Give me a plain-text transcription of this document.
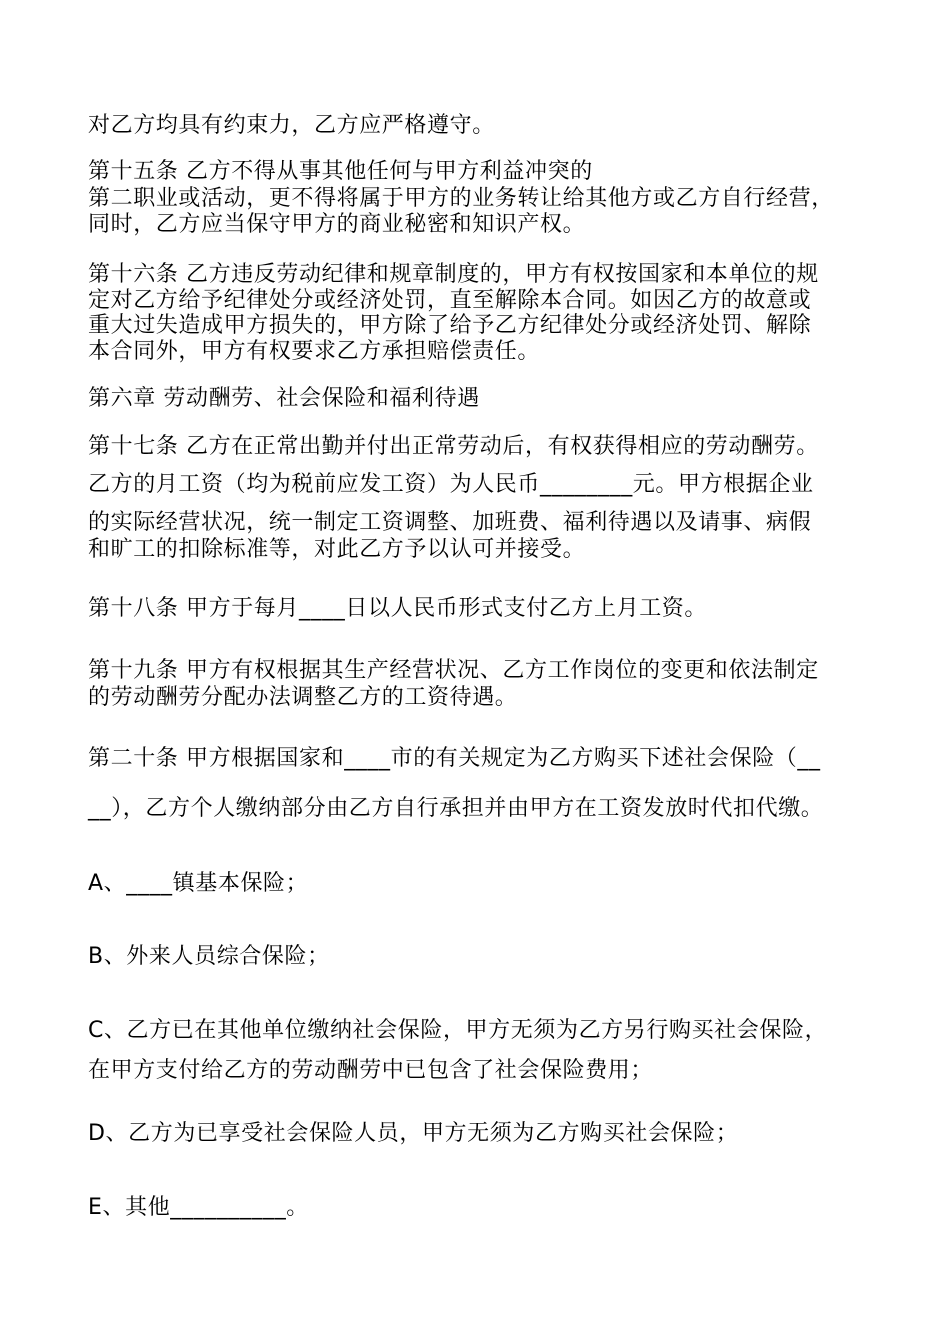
对乙方均具有约束力，乙方应严格遵守。
第十五条 乙方不得从事其他任何与甲方利益冲突的
第二职业或活动，更不得将属于甲方的业务转让给其他方或乙方自行经营，
同时，乙方应当保守甲方的商业秘密和知识产权。
第十六条 乙方违反劳动纪律和规章制度的，甲方有权按国家和本单位的规
定对乙方给予纪律处分或经济处罚，直至解除本合同。如因乙方的故意或
重大过失造成甲方损失的，甲方除了给予乙方纪律处分或经济处罚、解除
本合同外，甲方有权要求乙方承担赔偿责任。
第六章 劳动酬劳、社会保险和福利待遇
第十七条 乙方在正常出勤并付出正常劳动后，有权获得相应的劳动酬劳。
乙方的月工资（均为税前应发工资）为人民币________元。甲方根据企业
的实际经营状况，统一制定工资调整、加班费、福利待遇以及请事、病假
和旷工的扣除标准等，对此乙方予以认可并接受。
第十八条 甲方于每月____日以人民币形式支付乙方上月工资。
第十九条 甲方有权根据其生产经营状况、乙方工作岗位的变更和依法制定
的劳动酬劳分配办法调整乙方的工资待遇。
第二十条 甲方根据国家和____市的有关规定为乙方购买下述社会保险（__
__），乙方个人缴纳部分由乙方自行承担并由甲方在工资发放时代扣代缴。
A、____镇基本保险；
B、外来人员综合保险；
C、乙方已在其他单位缴纳社会保险，甲方无须为乙方另行购买社会保险，
在甲方支付给乙方的劳动酬劳中已包含了社会保险费用；
D、乙方为已享受社会保险人员，甲方无须为乙方购买社会保险；
E、其他__________。
